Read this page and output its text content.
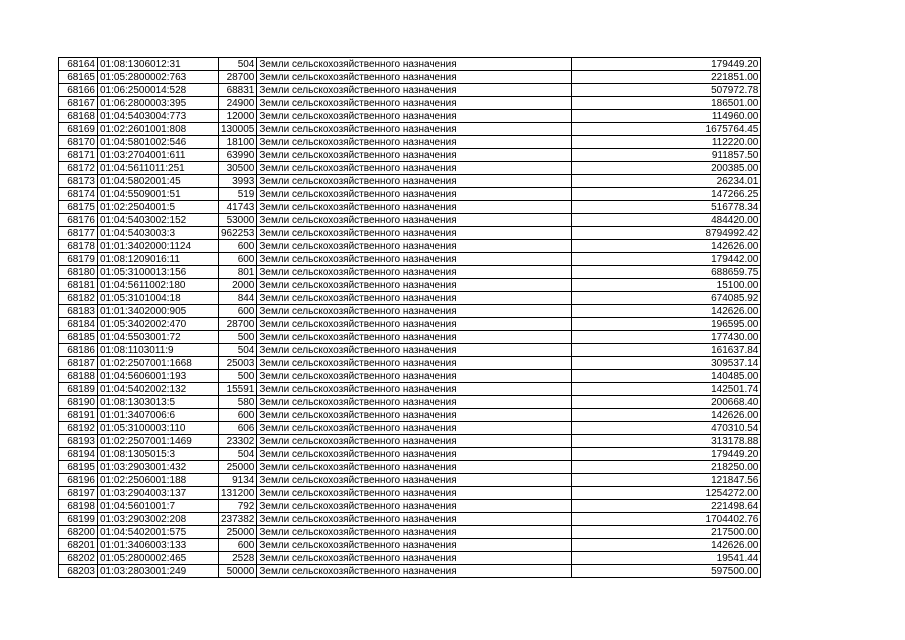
68164	01:08:1306012:31	504	Земли сельскохозяйственного назначения	179449.20
68165	01:05:2800002:763	28700	Земли сельскохозяйственного назначения	221851.00
68166	01:06:2500014:528	68831	Земли сельскохозяйственного назначения	507972.78
68167	01:06:2800003:395	24900	Земли сельскохозяйственного назначения	186501.00
68168	01:04:5403004:773	12000	Земли сельскохозяйственного назначения	114960.00
68169	01:02:2601001:808	130005	Земли сельскохозяйственного назначения	1675764.45
68170	01:04:5801002:546	18100	Земли сельскохозяйственного назначения	112220.00
68171	01:03:2704001:611	63990	Земли сельскохозяйственного назначения	911857.50
68172	01:04:5611011:251	30500	Земли сельскохозяйственного назначения	200385.00
68173	01:04:5802001:45	3993	Земли сельскохозяйственного назначения	26234.01
68174	01:04:5509001:51	519	Земли сельскохозяйственного назначения	147266.25
68175	01:02:2504001:5	41743	Земли сельскохозяйственного назначения	516778.34
68176	01:04:5403002:152	53000	Земли сельскохозяйственного назначения	484420.00
68177	01:04:5403003:3	962253	Земли сельскохозяйственного назначения	8794992.42
68178	01:01:3402000:1124	600	Земли сельскохозяйственного назначения	142626.00
68179	01:08:1209016:11	600	Земли сельскохозяйственного назначения	179442.00
68180	01:05:3100013:156	801	Земли сельскохозяйственного назначения	688659.75
68181	01:04:5611002:180	2000	Земли сельскохозяйственного назначения	15100.00
68182	01:05:3101004:18	844	Земли сельскохозяйственного назначения	674085.92
68183	01:01:3402000:905	600	Земли сельскохозяйственного назначения	142626.00
68184	01:05:3402002:470	28700	Земли сельскохозяйственного назначения	196595.00
68185	01:04:5503001:72	500	Земли сельскохозяйственного назначения	177430.00
68186	01:08:1103011:9	504	Земли сельскохозяйственного назначения	161637.84
68187	01:02:2507001:1668	25003	Земли сельскохозяйственного назначения	309537.14
68188	01:04:5606001:193	500	Земли сельскохозяйственного назначения	140485.00
68189	01:04:5402002:132	15591	Земли сельскохозяйственного назначения	142501.74
68190	01:08:1303013:5	580	Земли сельскохозяйственного назначения	200668.40
68191	01:01:3407006:6	600	Земли сельскохозяйственного назначения	142626.00
68192	01:05:3100003:110	606	Земли сельскохозяйственного назначения	470310.54
68193	01:02:2507001:1469	23302	Земли сельскохозяйственного назначения	313178.88
68194	01:08:1305015:3	504	Земли сельскохозяйственного назначения	179449.20
68195	01:03:2903001:432	25000	Земли сельскохозяйственного назначения	218250.00
68196	01:02:2506001:188	9134	Земли сельскохозяйственного назначения	121847.56
68197	01:03:2904003:137	131200	Земли сельскохозяйственного назначения	1254272.00
68198	01:04:5601001:7	792	Земли сельскохозяйственного назначения	221498.64
68199	01:03:2903002:208	237382	Земли сельскохозяйственного назначения	1704402.76
68200	01:04:5402001:575	25000	Земли сельскохозяйственного назначения	217500.00
68201	01:01:3406003:133	600	Земли сельскохозяйственного назначения	142626.00
68202	01:05:2800002:465	2528	Земли сельскохозяйственного назначения	19541.44
68203	01:03:2803001:249	50000	Земли сельскохозяйственного назначения	597500.00
